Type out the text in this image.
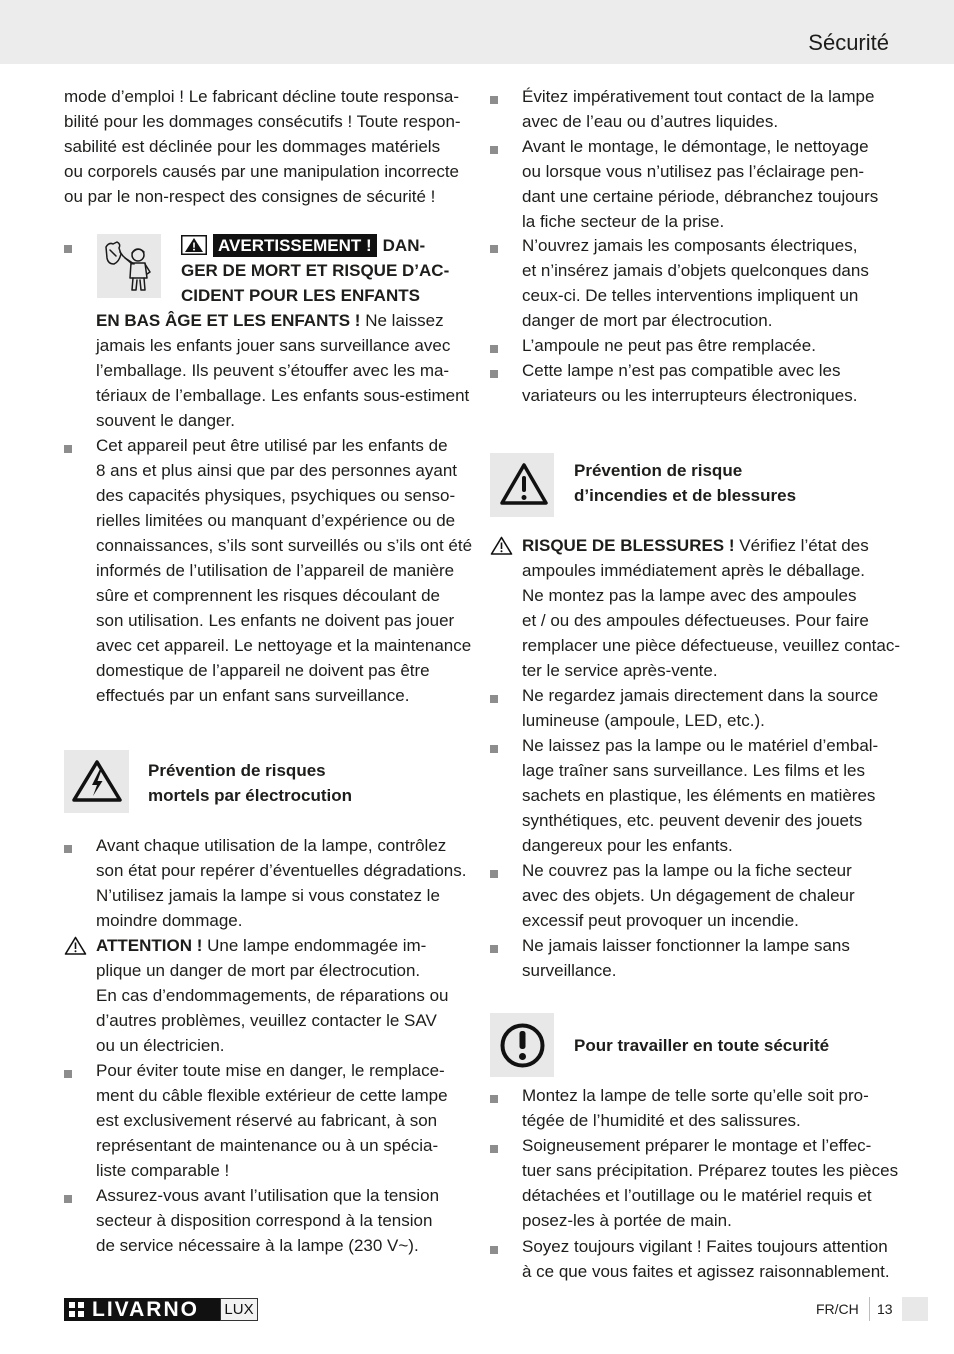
Sécurité
mode d’emploi ! Le fabricant décline toute responsa-
bilité pour les dommages consécutifs ! Toute respon-
sabilité est déclinée pour les dommages matériels
ou corporels causés par une manipulation incorrecte
ou par le non-respect des consignes de sécurité !
AVERTISSEMENT ! DAN-
GER DE MORT ET RISQUE D’AC-
CIDENT POUR LES ENFANTS
EN BAS ÂGE ET LES ENFANTS ! Ne laissez
jamais les enfants jouer sans surveillance avec
l’emballage. Ils peuvent s’étouffer avec les ma-
tériaux de l’emballage. Les enfants sous-estiment
souvent le danger.
Cet appareil peut être utilisé par les enfants de
8 ans et plus ainsi que par des personnes ayant
des capacités physiques, psychiques ou senso-
rielles limitées ou manquant d’expérience ou de
connaissances, s’ils sont surveillés ou s’ils ont été
informés de l’utilisation de l’appareil de manière
sûre et comprennent les risques découlant de
son utilisation. Les enfants ne doivent pas jouer
avec cet appareil. Le nettoyage et la maintenance
domestique de l’appareil ne doivent pas être
effectués par un enfant sans surveillance.
Prévention de risques
mortels par électrocution
Avant chaque utilisation de la lampe, contrôlez
son état pour repérer d’éventuelles dégradations.
N’utilisez jamais la lampe si vous constatez le
moindre dommage.
ATTENTION ! Une lampe endommagée im-
plique un danger de mort par électrocution.
En cas d’endommagements, de réparations ou
d’autres problèmes, veuillez contacter le SAV
ou un électricien.
Pour éviter toute mise en danger, le remplace-
ment du câble flexible extérieur de cette lampe
est exclusivement réservé au fabricant, à son
représentant de maintenance ou à un spécia-
liste comparable !
Assurez-vous avant l’utilisation que la tension
secteur à disposition correspond à la tension
de service nécessaire à la lampe (230 V~).
Évitez impérativement tout contact de la lampe
avec de l’eau ou d’autres liquides.
Avant le montage, le démontage, le nettoyage
ou lorsque vous n’utilisez pas l’éclairage pen-
dant une certaine période, débranchez toujours
la fiche secteur de la prise.
N’ouvrez jamais les composants électriques,
et n’insérez jamais d’objets quelconques dans
ceux-ci. De telles interventions impliquent un
danger de mort par électrocution.
L’ampoule ne peut pas être remplacée.
Cette lampe n’est pas compatible avec les
variateurs ou les interrupteurs électroniques.
Prévention de risque
d’incendies et de blessures
RISQUE DE BLESSURES ! Vérifiez l’état des
ampoules immédiatement après le déballage.
Ne montez pas la lampe avec des ampoules
et / ou des ampoules défectueuses. Pour faire
remplacer une pièce défectueuse, veuillez contac-
ter le service après-vente.
Ne regardez jamais directement dans la source
lumineuse (ampoule, LED, etc.).
Ne laissez pas la lampe ou le matériel d’embal-
lage traîner sans surveillance. Les films et les
sachets en plastique, les éléments en matières
synthétiques, etc. peuvent devenir des jouets
dangereux pour les enfants.
Ne couvrez pas la lampe ou la fiche secteur
avec des objets. Un dégagement de chaleur
excessif peut provoquer un incendie.
Ne jamais laisser fonctionner la lampe sans
surveillance.
Pour travailler en toute sécurité
Montez la lampe de telle sorte qu’elle soit pro-
tégée de l’humidité et des salissures.
Soigneusement préparer le montage et l’effec-
tuer sans précipitation. Préparez toutes les pièces
détachées et l’outillage ou le matériel requis et
posez-les à portée de main.
Soyez toujours vigilant ! Faites toujours attention
à ce que vous faites et agissez raisonnablement.
LIVARNO LUX	FR/CH 13
